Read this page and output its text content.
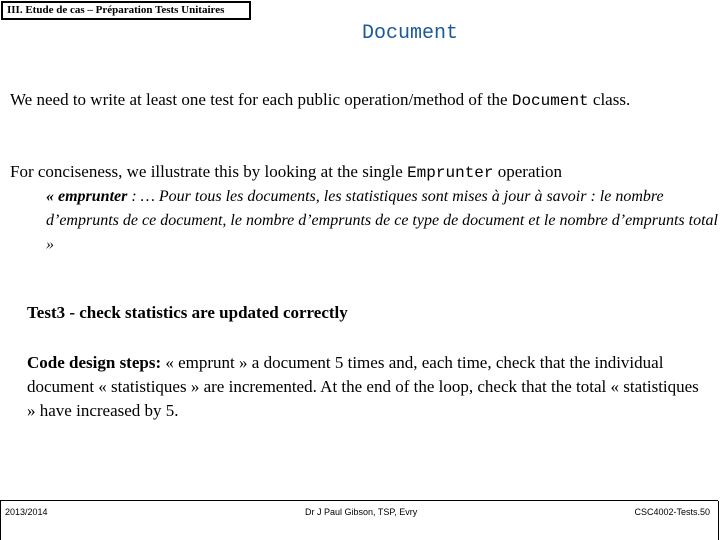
III. Etude de cas – Préparation Tests Unitaires
Document
We need to write at least one test for each public operation/method of the Document class.
For conciseness, we illustrate this by looking at the single Emprunter operation
« emprunter : … Pour tous les documents, les statistiques sont mises à jour à savoir : le nombre d’emprunts de ce document, le nombre d’emprunts de ce type de document et le nombre d’emprunts total »
Test3 - check statistics are updated correctly
Code design steps: « emprunt » a document 5 times and, each time, check that the individual document « statistiques » are incremented. At the end of the loop, check that the total « statistiques » have increased by 5.
2013/2014	Dr J Paul Gibson, TSP, Evry	CSC4002-Tests.50
